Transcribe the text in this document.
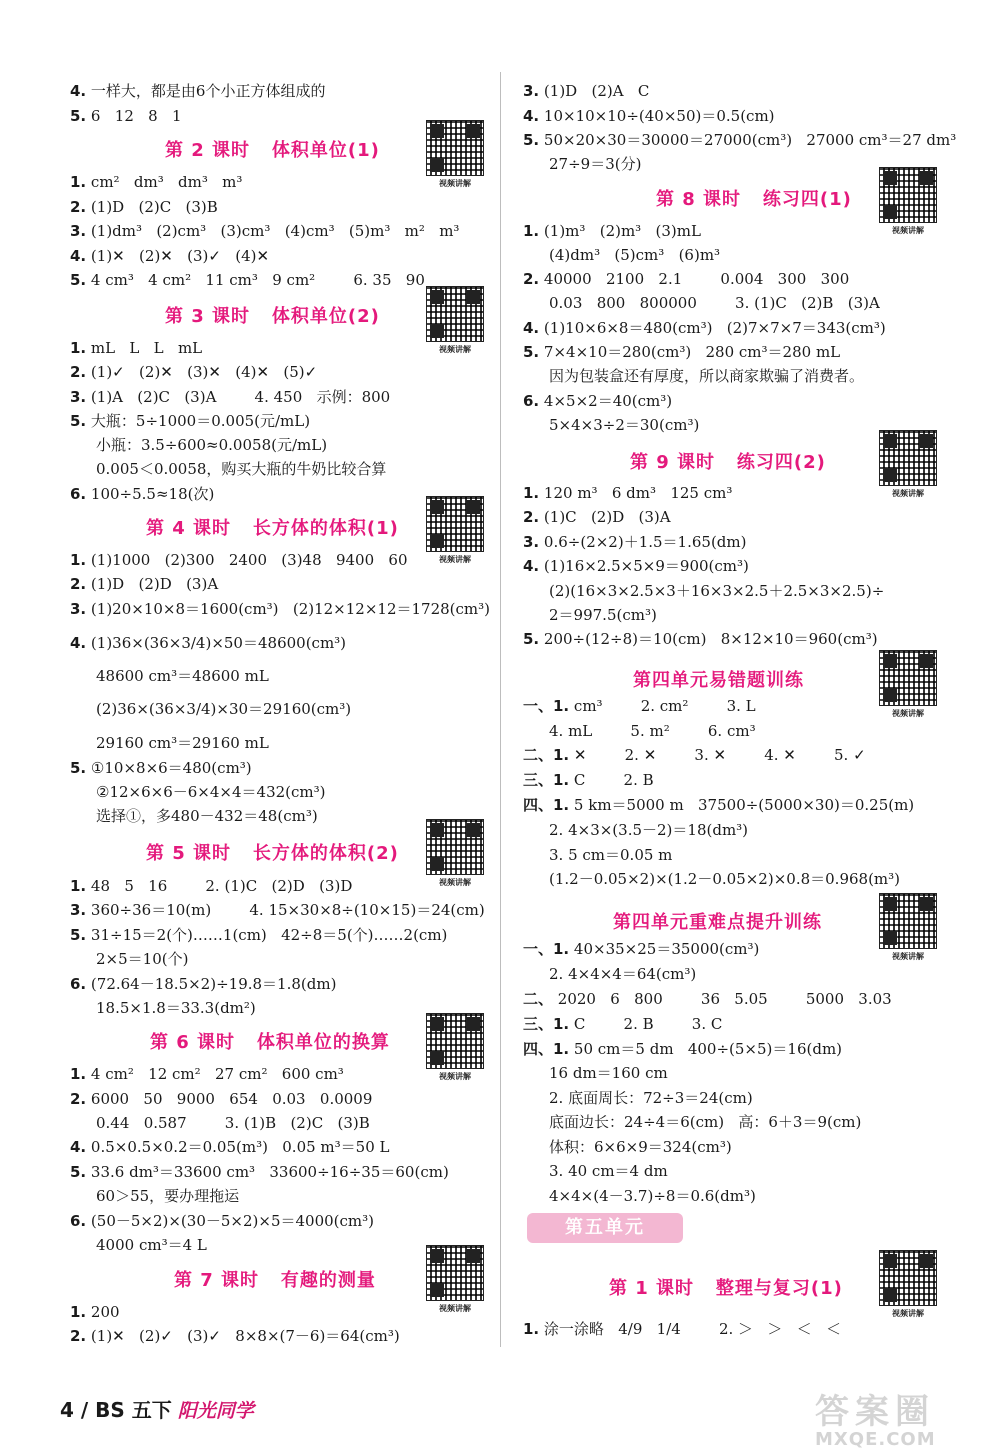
4. 一样大，都是由6个小正方体组成的
5. 6   12   8   1
1. cm²   dm³   dm³   m³
2. (1)D   (2)C   (3)B
3. (1)dm³   (2)cm³   (3)cm³   (4)cm³   (5)m³   m²   m³
4. (1)✕   (2)✕   (3)✓   (4)✕
5. 4 cm³   4 cm²   11 cm³   9 cm²        6. 35   90
1. mL   L   L   mL
2. (1)✓   (2)✕   (3)✕   (4)✕   (5)✓
3. (1)A   (2)C   (3)A        4. 450   示例：800
5. 大瓶：5÷1000＝0.005(元/mL)
小瓶：3.5÷600≈0.0058(元/mL)
0.005＜0.0058，购买大瓶的牛奶比较合算
6. 100÷5.5≈18(次)
1. (1)1000   (2)300   2400   (3)48   9400   60
2. (1)D   (2)D   (3)A
3. (1)20×10×8＝1600(cm³)   (2)12×12×12＝1728(cm³)
4. (1)36×(36×3/4)×50＝48600(cm³)
48600 cm³＝48600 mL
(2)36×(36×3/4)×30＝29160(cm³)
29160 cm³＝29160 mL
5. ①10×8×6＝480(cm³)
②12×6×6－6×4×4＝432(cm³)
选择①，多480－432＝48(cm³)
1. 48   5   16        2. (1)C   (2)D   (3)D
3. 360÷36＝10(m)        4. 15×30×8÷(10×15)＝24(cm)
5. 31÷15＝2(个)……1(cm)   42÷8＝5(个)……2(cm)
2×5＝10(个)
6. (72.64－18.5×2)÷19.8＝1.8(dm)
18.5×1.8＝33.3(dm²)
1. 4 cm²   12 cm²   27 cm²   600 cm³
2. 6000   50   9000   654   0.03   0.0009
0.44   0.587        3. (1)B   (2)C   (3)B
4. 0.5×0.5×0.2＝0.05(m³)   0.05 m³＝50 L
5. 33.6 dm³＝33600 cm³   33600÷16÷35＝60(cm)
60＞55，要办理拖运
6. (50－5×2)×(30－5×2)×5＝4000(cm³)
4000 cm³＝4 L
1. 200
2. (1)✕   (2)✓   (3)✓   8×8×(7－6)＝64(cm³)
第 2 课时   体积单位(1)
第 3 课时   体积单位(2)
第 4 课时   长方体的体积(1)
第 5 课时   长方体的体积(2)
第 6 课时   体积单位的换算
第 7 课时   有趣的测量
视频讲解
视频讲解
视频讲解
视频讲解
视频讲解
视频讲解
3. (1)D   (2)A   C
4. 10×10×10÷(40×50)＝0.5(cm)
5. 50×20×30＝30000＝27000(cm³)   27000 cm³＝27 dm³
27÷9＝3(分)
1. (1)m³   (2)m³   (3)mL
(4)dm³   (5)cm³   (6)m³
2. 40000   2100   2.1        0.004   300   300
0.03   800   800000        3. (1)C   (2)B   (3)A
4. (1)10×6×8＝480(cm³)   (2)7×7×7＝343(cm³)
5. 7×4×10＝280(cm³)   280 cm³＝280 mL
因为包装盒还有厚度，所以商家欺骗了消费者。
6. 4×5×2＝40(cm³)
5×4×3÷2＝30(cm³)
1. 120 m³   6 dm³   125 cm³
2. (1)C   (2)D   (3)A
3. 0.6÷(2×2)＋1.5＝1.65(dm)
4. (1)16×2.5×5×9＝900(cm³)
(2)(16×3×2.5×3＋16×3×2.5＋2.5×3×2.5)÷
2＝997.5(cm³)
5. 200÷(12÷8)＝10(cm)   8×12×10＝960(cm³)
一、1. cm³        2. cm²        3. L
4. mL        5. m²        6. cm³
二、1. ✕        2. ✕        3. ✕        4. ✕        5. ✓
三、1. C        2. B
四、1. 5 km＝5000 m   37500÷(5000×30)＝0.25(m)
2. 4×3×(3.5－2)＝18(dm³)
3. 5 cm＝0.05 m
(1.2－0.05×2)×(1.2－0.05×2)×0.8＝0.968(m³)
一、1. 40×35×25＝35000(cm³)
2. 4×4×4＝64(cm³)
二、 2020   6   800        36   5.05        5000   3.03
三、1. C        2. B        3. C
四、1. 50 cm＝5 dm   400÷(5×5)＝16(dm)
16 dm＝160 cm
2. 底面周长：72÷3＝24(cm)
底面边长：24÷4＝6(cm)   高：6＋3＝9(cm)
体积：6×6×9＝324(cm³)
3. 40 cm＝4 dm
4×4×(4－3.7)÷8＝0.6(dm³)
1. 涂一涂略   4/9   1/4        2. ＞   ＞   ＜   ＜
第 8 课时   练习四(1)
第 9 课时   练习四(2)
第四单元易错题训练
第四单元重难点提升训练
第 1 课时   整理与复习(1)
视频讲解
视频讲解
视频讲解
视频讲解
视频讲解
第五单元
4 / BS 五下 阳光同学	答案圈
MXQE.COM
